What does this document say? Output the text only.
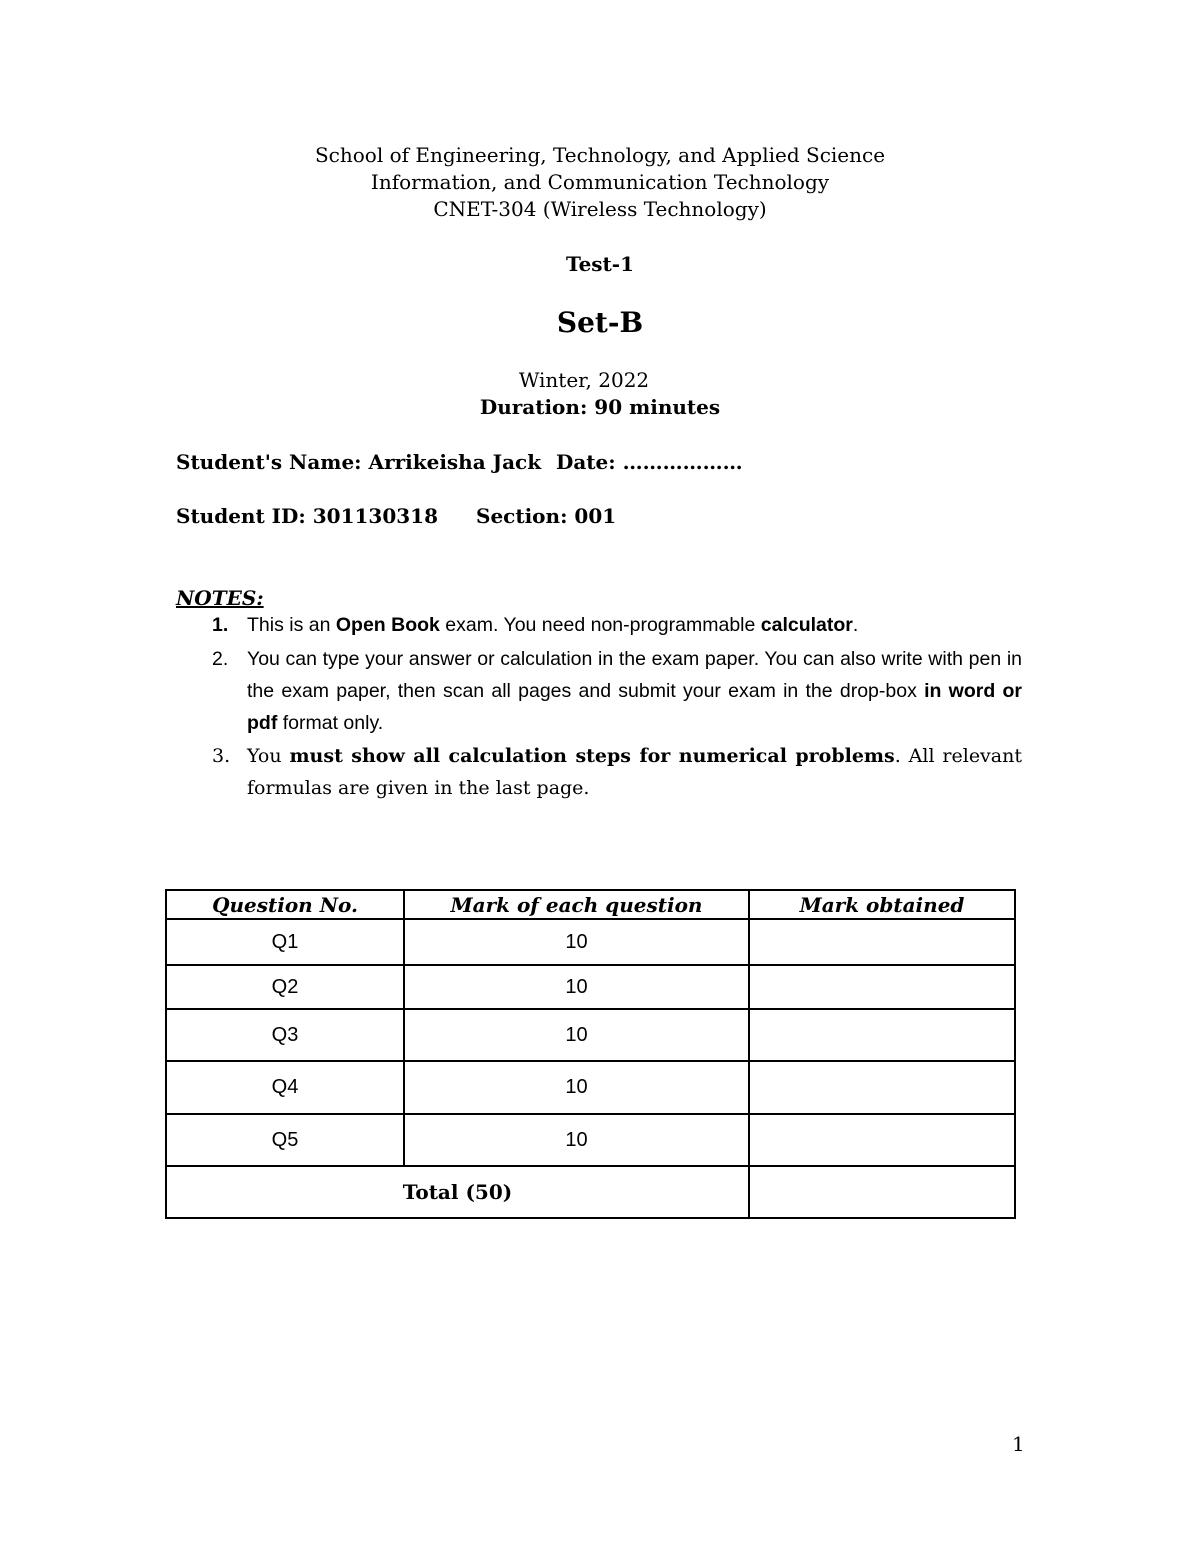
School of Engineering, Technology, and Applied Science
Information, and Communication Technology
CNET-304 (Wireless Technology)
Test-1
Set-B
Winter, 2022
Duration: 90 minutes
Student's Name: Arrikeisha Jack Date: ………………
Student ID: 301130318 Section: 001
NOTES:
1. This is an Open Book exam. You need non-programmable calculator.
2. You can type your answer or calculation in the exam paper. You can also write with pen in the exam paper, then scan all pages and submit your exam in the drop-box in word or pdf format only.
3. You must show all calculation steps for numerical problems. All relevant formulas are given in the last page.
Question No.	Mark of each question	Mark obtained
Q1	10	
Q2	10	
Q3	10	
Q4	10	
Q5	10	
Total (50)		
1
